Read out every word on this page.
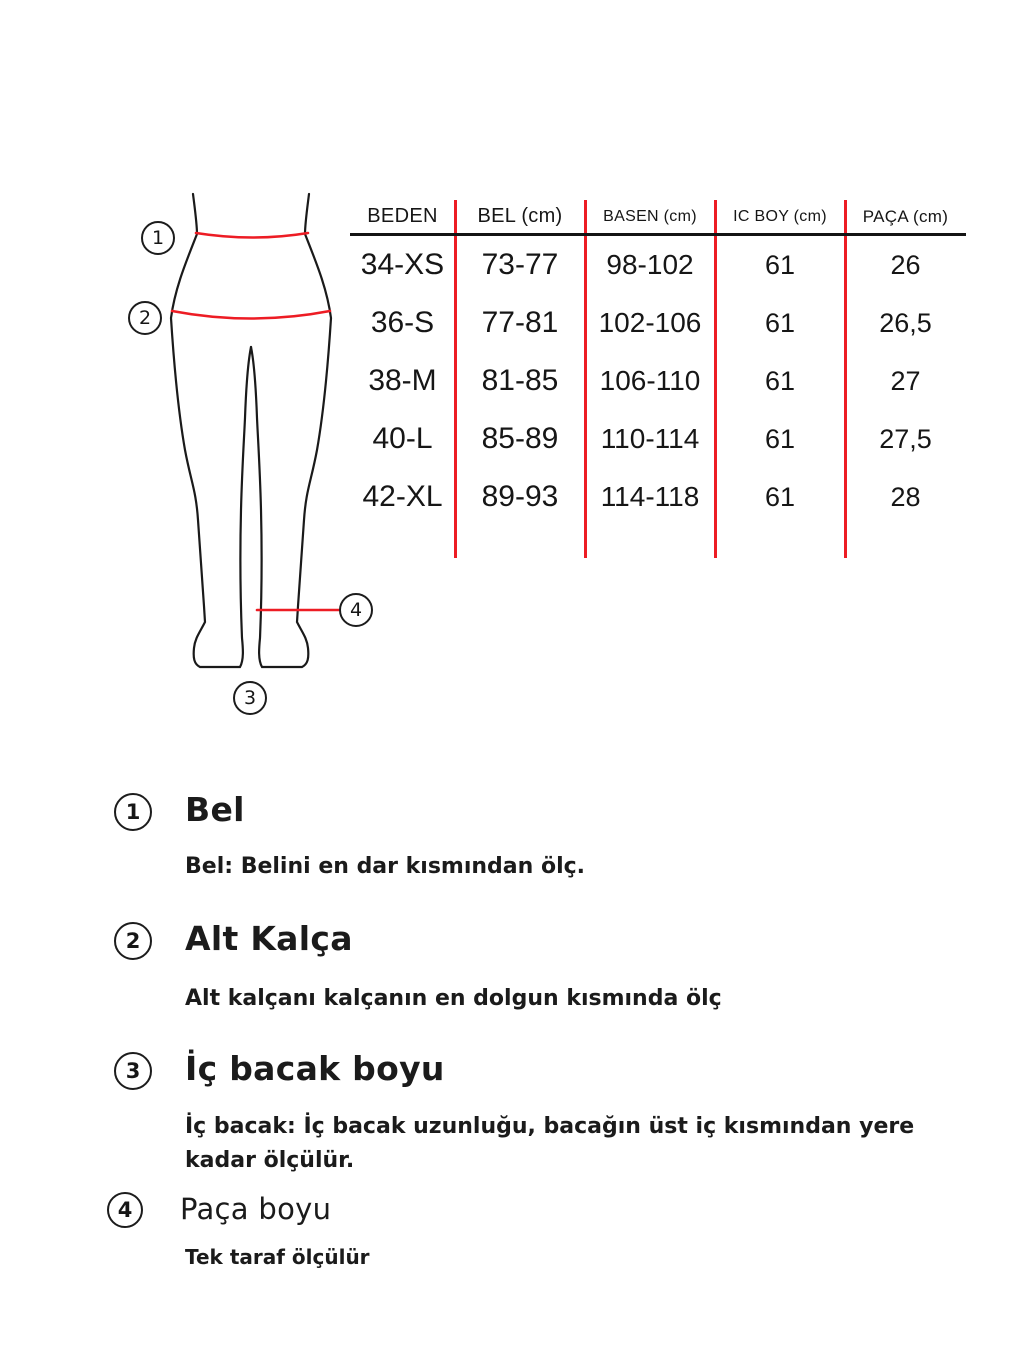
1
2
3
4
BEDEN	BEL (cm)	BASEN (cm)	IC BOY (cm)	PAÇA (cm)
34-XS	73-77	98-102	61	26
36-S	77-81	102-106	61	26,5
38-M	81-85	106-110	61	27
40-L	85-89	110-114	61	27,5
42-XL	89-93	114-118	61	28
1 Bel
Bel: Belini en dar kısmından ölç.
2 Alt Kalça
Alt kalçanı kalçanın en dolgun kısmında ölç
3 İç bacak boyu
İç bacak: İç bacak uzunluğu, bacağın üst iç kısmından yere kadar ölçülür.
4 Paça boyu
Tek taraf ölçülür
